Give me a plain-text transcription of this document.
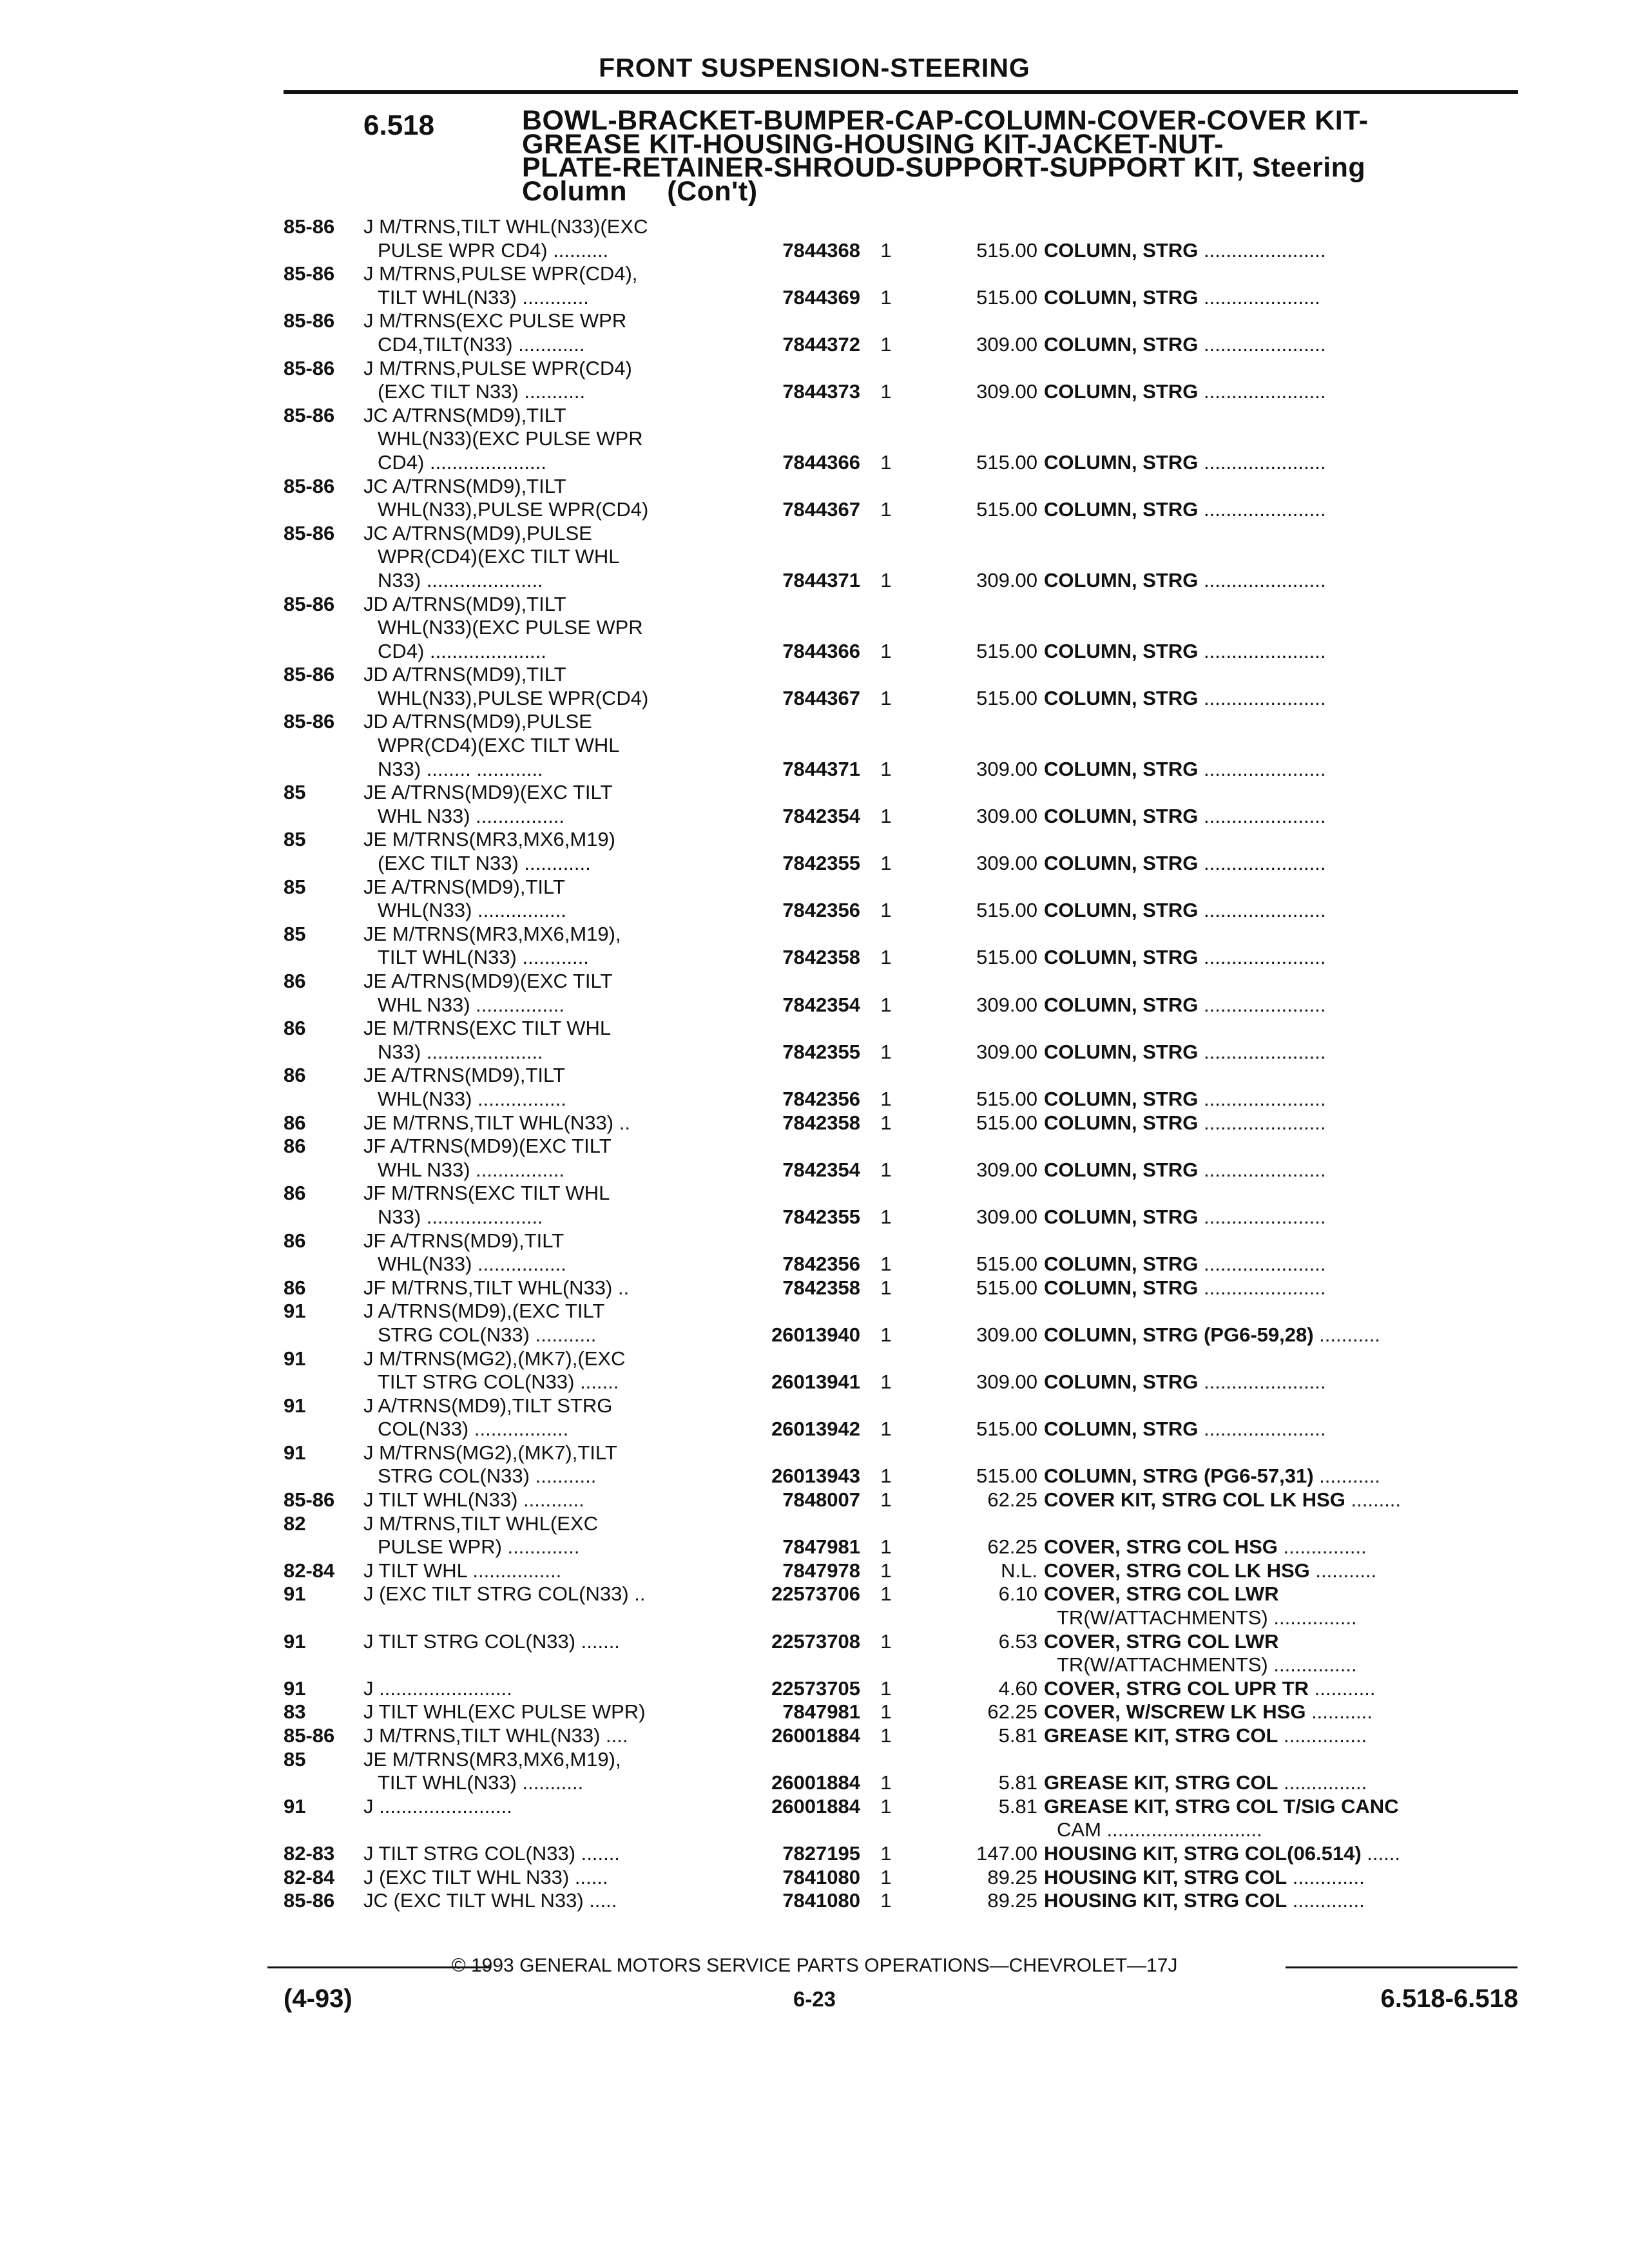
FRONT SUSPENSION-STEERING
6.518	BOWL-BRACKET-BUMPER-CAP-COLUMN-COVER-COVER KIT-
GREASE KIT-HOUSING-HOUSING KIT-JACKET-NUT-
PLATE-RETAINER-SHROUD-SUPPORT-SUPPORT KIT, Steering
Column     (Con't)
85-86 J M/TRNS,TILT WHL(N33)(EXC
PULSE WPR CD4) ..........	7844368	1	515.00 COLUMN, STRG ......................
85-86 J M/TRNS,PULSE WPR(CD4),
TILT WHL(N33) ............	7844369	1	515.00 COLUMN, STRG .....................
85-86 J M/TRNS(EXC PULSE WPR
CD4,TILT(N33) ............	7844372	1	309.00 COLUMN, STRG ......................
85-86 J M/TRNS,PULSE WPR(CD4)
(EXC TILT N33) ...........	7844373	1	309.00 COLUMN, STRG ......................
85-86 JC A/TRNS(MD9),TILT
WHL(N33)(EXC PULSE WPR
CD4) .....................	7844366	1	515.00 COLUMN, STRG ......................
85-86 JC A/TRNS(MD9),TILT
WHL(N33),PULSE WPR(CD4)	7844367	1	515.00 COLUMN, STRG ......................
85-86 JC A/TRNS(MD9),PULSE
WPR(CD4)(EXC TILT WHL
N33) .....................	7844371	1	309.00 COLUMN, STRG ......................
85-86 JD A/TRNS(MD9),TILT
WHL(N33)(EXC PULSE WPR
CD4) .....................	7844366	1	515.00 COLUMN, STRG ......................
85-86 JD A/TRNS(MD9),TILT
WHL(N33),PULSE WPR(CD4)	7844367	1	515.00 COLUMN, STRG ......................
85-86 JD A/TRNS(MD9),PULSE
WPR(CD4)(EXC TILT WHL
N33) ........ ............	7844371	1	309.00 COLUMN, STRG ......................
85	JE A/TRNS(MD9)(EXC TILT
WHL N33) ................	7842354	1	309.00 COLUMN, STRG ......................
85	JE M/TRNS(MR3,MX6,M19)
(EXC TILT N33) ............	7842355	1	309.00 COLUMN, STRG ......................
85	JE A/TRNS(MD9),TILT
WHL(N33) ................	7842356	1	515.00 COLUMN, STRG ......................
85	JE M/TRNS(MR3,MX6,M19),
TILT WHL(N33) ............	7842358	1	515.00 COLUMN, STRG ......................
86	JE A/TRNS(MD9)(EXC TILT
WHL N33) ................	7842354	1	309.00 COLUMN, STRG ......................
86	JE M/TRNS(EXC TILT WHL
N33) .....................	7842355	1	309.00 COLUMN, STRG ......................
86	JE A/TRNS(MD9),TILT
WHL(N33) ................	7842356	1	515.00 COLUMN, STRG ......................
86	JE M/TRNS,TILT WHL(N33) ..	7842358	1	515.00 COLUMN, STRG ......................
86	JF A/TRNS(MD9)(EXC TILT
WHL N33) ................	7842354	1	309.00 COLUMN, STRG ......................
86	JF M/TRNS(EXC TILT WHL
N33) .....................	7842355	1	309.00 COLUMN, STRG ......................
86	JF A/TRNS(MD9),TILT
WHL(N33) ................	7842356	1	515.00 COLUMN, STRG ......................
86	JF M/TRNS,TILT WHL(N33) ..	7842358	1	515.00 COLUMN, STRG ......................
91	J A/TRNS(MD9),(EXC TILT
STRG COL(N33) ...........	26013940	1	309.00 COLUMN, STRG (PG6-59,28) ...........
91	J M/TRNS(MG2),(MK7),(EXC
TILT STRG COL(N33) .......	26013941	1	309.00 COLUMN, STRG ......................
91	J A/TRNS(MD9),TILT STRG
COL(N33) .................	26013942	1	515.00 COLUMN, STRG ......................
91	J M/TRNS(MG2),(MK7),TILT
STRG COL(N33) ...........	26013943	1	515.00 COLUMN, STRG (PG6-57,31) ...........
85-86 J TILT WHL(N33) ...........	7848007	1	62.25 COVER KIT, STRG COL LK HSG .........
82	J M/TRNS,TILT WHL(EXC
PULSE WPR) .............	7847981	1	62.25 COVER, STRG COL HSG ...............
82-84 J TILT WHL ................	7847978	1	N.L. COVER, STRG COL LK HSG ...........
91	J (EXC TILT STRG COL(N33) ..	22573706	1	6.10 COVER, STRG COL LWR
TR(W/ATTACHMENTS) ...............
91	J TILT STRG COL(N33) .......	22573708	1	6.53 COVER, STRG COL LWR
TR(W/ATTACHMENTS) ...............
91	J ........................	22573705	1	4.60 COVER, STRG COL UPR TR ...........
83	J TILT WHL(EXC PULSE WPR)	7847981	1	62.25 COVER, W/SCREW LK HSG ...........
85-86 J M/TRNS,TILT WHL(N33) ....	26001884	1	5.81 GREASE KIT, STRG COL ...............
85	JE M/TRNS(MR3,MX6,M19),
TILT WHL(N33) ...........	26001884	1	5.81 GREASE KIT, STRG COL ...............
91	J ........................	26001884	1	5.81 GREASE KIT, STRG COL T/SIG CANC
CAM ............................
82-83 J TILT STRG COL(N33) .......	7827195	1	147.00 HOUSING KIT, STRG COL(06.514) ......
82-84 J (EXC TILT WHL N33) ......	7841080	1	89.25 HOUSING KIT, STRG COL .............
85-86 JC (EXC TILT WHL N33) .....	7841080	1	89.25 HOUSING KIT, STRG COL .............
© 1993 GENERAL MOTORS SERVICE PARTS OPERATIONS—CHEVROLET—17J
(4-93)	6-23	6.518-6.518
